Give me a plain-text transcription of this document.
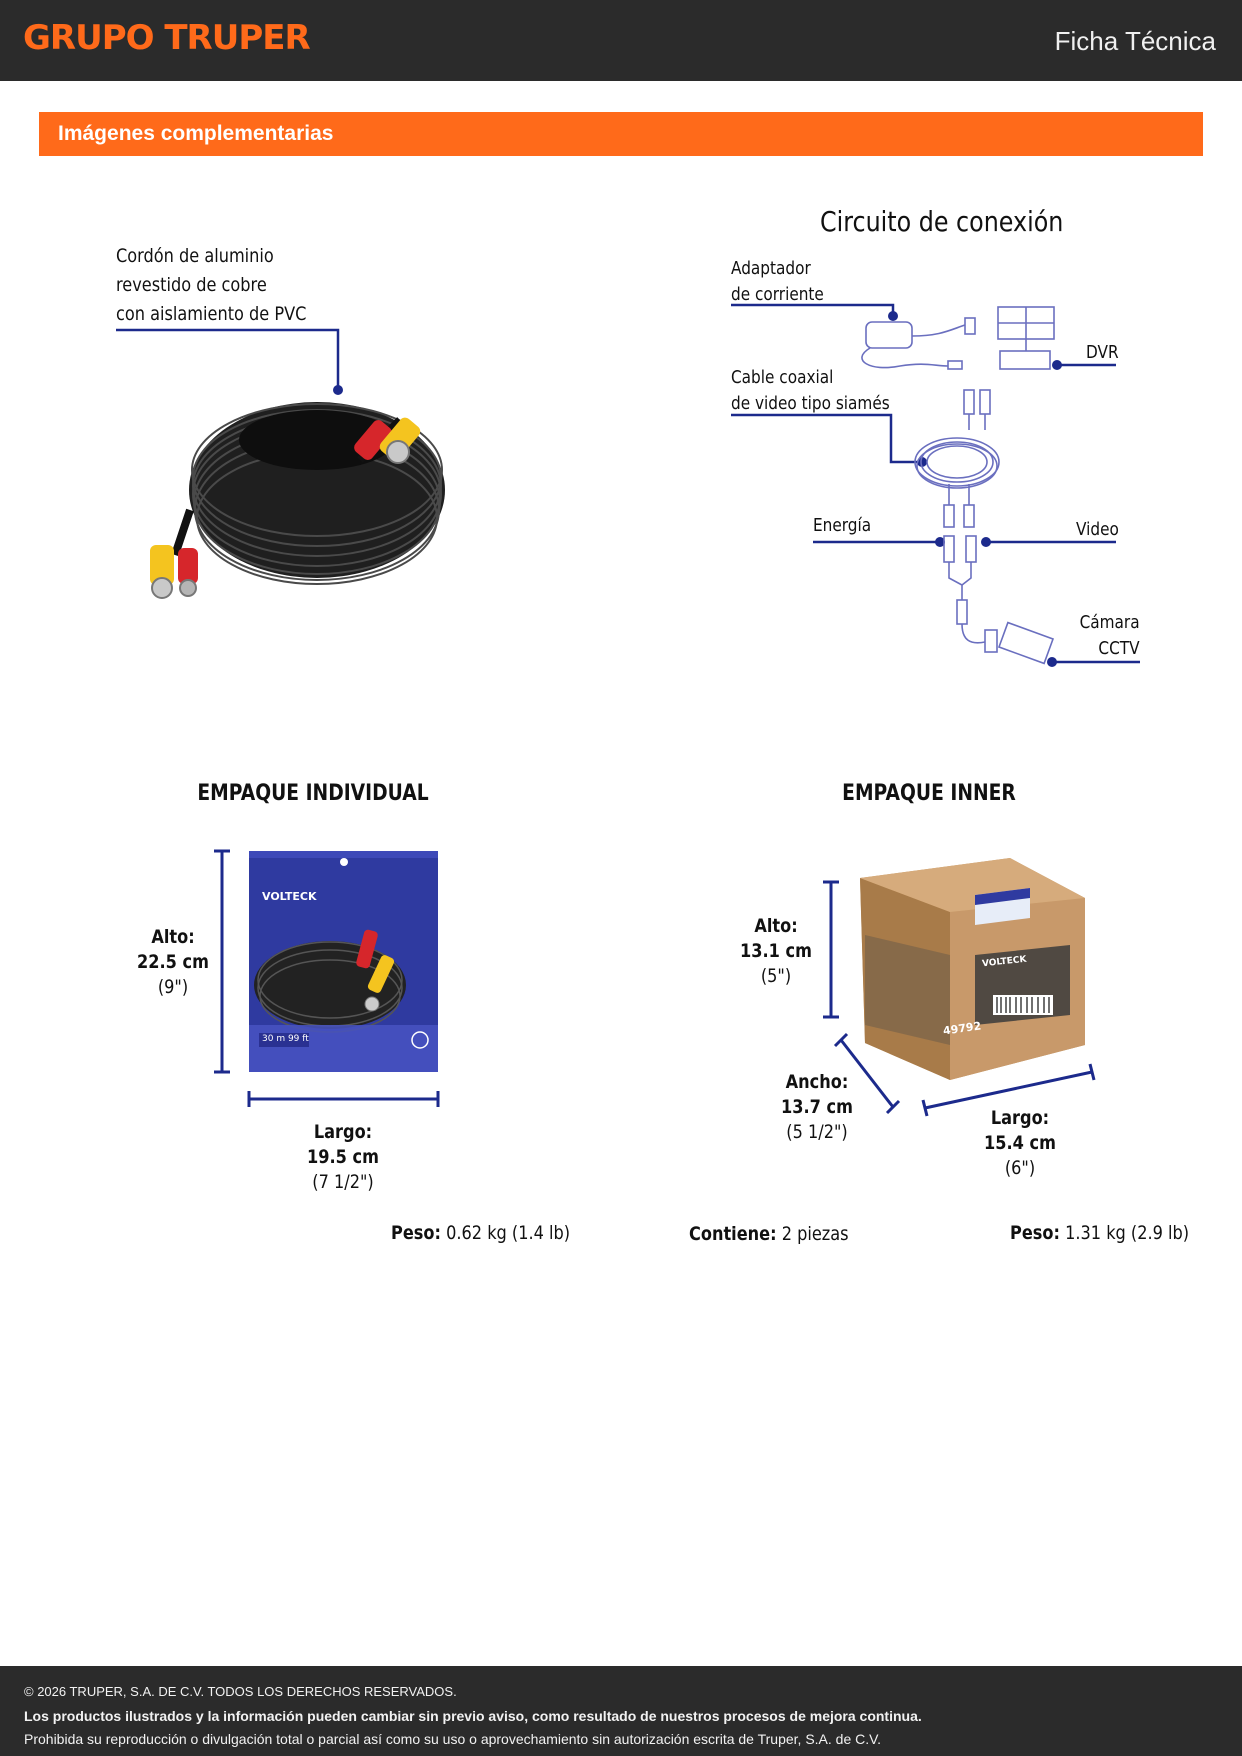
GRUPO TRUPER	Ficha Técnica
Imágenes complementarias
VOLTECK
30 m 99 ft
VOLTECK
49792
Cordón de aluminio
revestido de cobre
con aislamiento de PVC
Circuito de conexión
Adaptador
de corriente
Cable coaxial
de video tipo siamés
DVR
Energía	Video
Cámara
CCTV
EMPAQUE INDIVIDUAL	EMPAQUE INNER
Alto:
22.5 cm
(9")
Largo:
19.5 cm
(7 1/2")
Peso: 0.62 kg (1.4 lb)
Alto:
13.1 cm
(5")
Ancho:
13.7 cm
(5 1/2")
Largo:
15.4 cm
(6")
Contiene: 2 piezas	Peso: 1.31 kg (2.9 lb)

© 2026 TRUPER, S.A. DE C.V. TODOS LOS DERECHOS RESERVADOS.

Los productos ilustrados y la información pueden cambiar sin previo aviso, como resultado de nuestros procesos de mejora continua.

Prohibida su reproducción o divulgación total o parcial así como su uso o aprovechamiento sin autorización escrita de Truper, S.A. de C.V.
